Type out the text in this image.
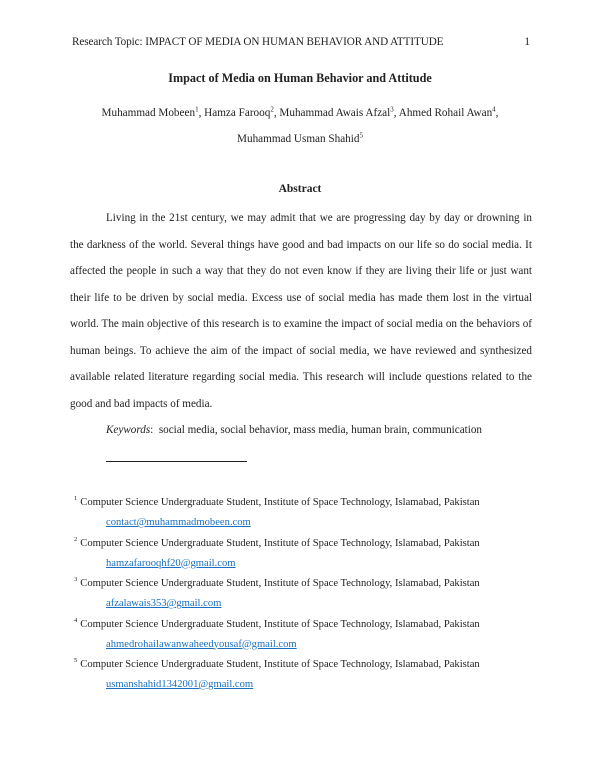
Research Topic: IMPACT OF MEDIA ON HUMAN BEHAVIOR AND ATTITUDE	1
Impact of Media on Human Behavior and Attitude
Muhammad Mobeen$^1$, Hamza Farooq$^2$, Muhammad Awais Afzal$^3$, Ahmed Rohail Awan$^4$,
Muhammad Usman Shahid$^5$
Abstract

Living in the 21st century, we may admit that we are progressing day by day or drowning in the darkness of the world. Several things have good and bad impacts on our life so do social media. It affected the people in such a way that they do not even know if they are living their life or just want their life to be driven by social media. Excess use of social media has made them lost in the virtual world. The main objective of this research is to examine the impact of social media on the behaviors of human beings. To achieve the aim of the impact of social media, we have reviewed and synthesized available related literature regarding social media. This research will include questions related to the good and bad impacts of media.

Keywords:  social media, social behavior, mass media, human brain, communication
$^1$ Computer Science Undergraduate Student, Institute of Space Technology, Islamabad, Pakistan
contact@muhammadmobeen.com
$^2$ Computer Science Undergraduate Student, Institute of Space Technology, Islamabad, Pakistan
hamzafarooqhf20@gmail.com
$^3$ Computer Science Undergraduate Student, Institute of Space Technology, Islamabad, Pakistan
afzalawais353@gmail.com
$^4$ Computer Science Undergraduate Student, Institute of Space Technology, Islamabad, Pakistan
ahmedrohailawanwaheedyousaf@gmail.com
$^5$ Computer Science Undergraduate Student, Institute of Space Technology, Islamabad, Pakistan
usmanshahid1342001@gmail.com
